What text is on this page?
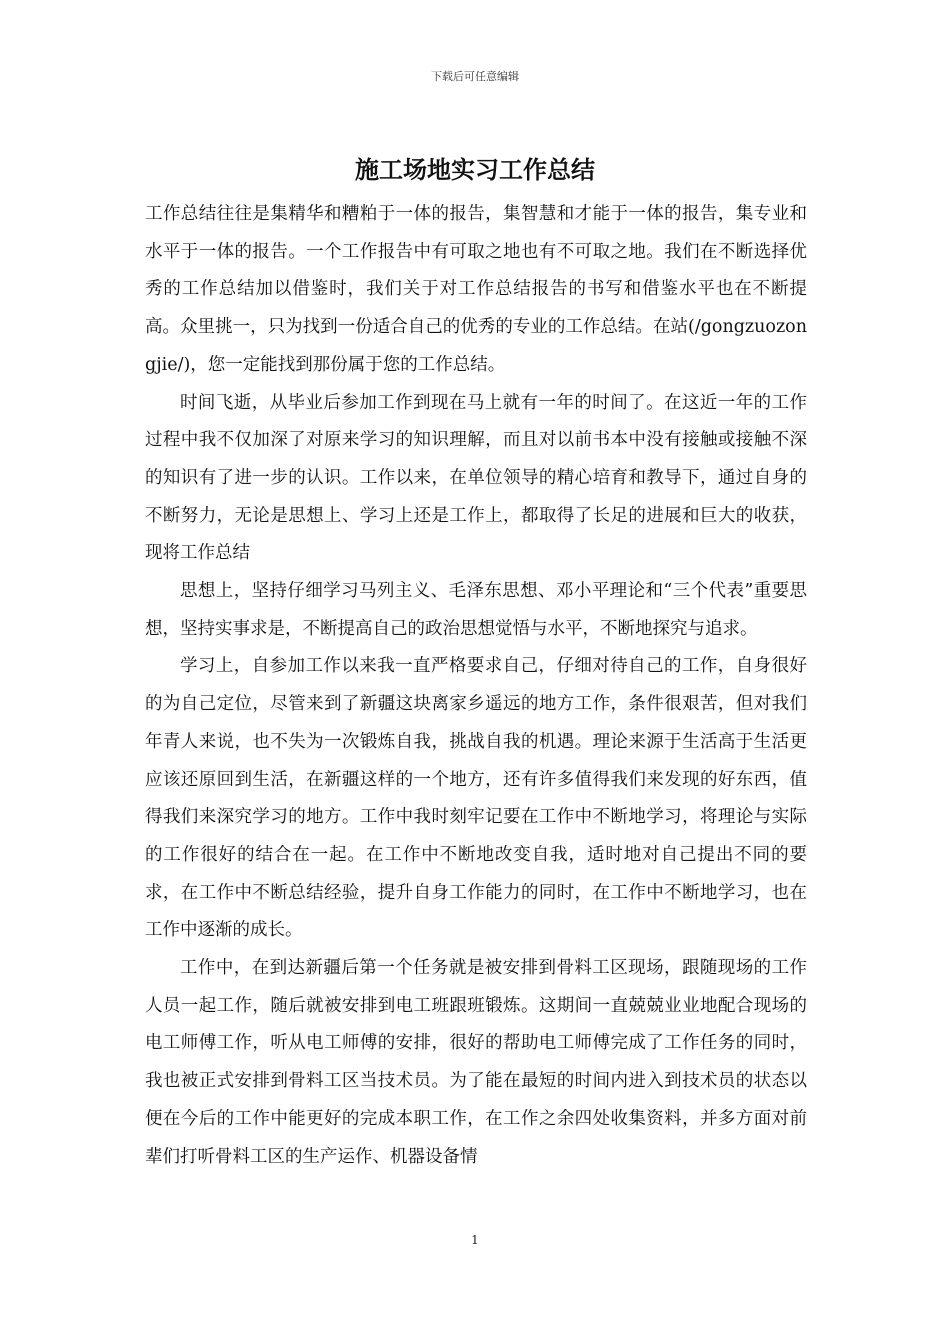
下载后可任意编辑
施工场地实习工作总结

工作总结往往是集精华和糟粕于一体的报告，集智慧和才能于一体的报告，集专业和水平于一体的报告。一个工作报告中有可取之地也有不可取之地。我们在不断选择优秀的工作总结加以借鉴时，我们关于对工作总结报告的书写和借鉴水平也在不断提高。众里挑一，只为找到一份适合自己的优秀的专业的工作总结。在站(/gongzuozongjie/)，您一定能找到那份属于您的工作总结。

时间飞逝，从毕业后参加工作到现在马上就有一年的时间了。在这近一年的工作过程中我不仅加深了对原来学习的知识理解，而且对以前书本中没有接触或接触不深的知识有了进一步的认识。工作以来，在单位领导的精心培育和教导下，通过自身的不断努力，无论是思想上、学习上还是工作上，都取得了长足的进展和巨大的收获，现将工作总结

思想上，坚持仔细学习马列主义、毛泽东思想、邓小平理论和“三个代表”重要思想，坚持实事求是，不断提高自己的政治思想觉悟与水平，不断地探究与追求。

学习上，自参加工作以来我一直严格要求自己，仔细对待自己的工作，自身很好的为自己定位，尽管来到了新疆这块离家乡遥远的地方工作，条件很艰苦，但对我们年青人来说，也不失为一次锻炼自我，挑战自我的机遇。理论来源于生活高于生活更应该还原回到生活，在新疆这样的一个地方，还有许多值得我们来发现的好东西，值得我们来深究学习的地方。工作中我时刻牢记要在工作中不断地学习，将理论与实际的工作很好的结合在一起。在工作中不断地改变自我，适时地对自己提出不同的要求，在工作中不断总结经验，提升自身工作能力的同时，在工作中不断地学习，也在工作中逐渐的成长。

工作中，在到达新疆后第一个任务就是被安排到骨料工区现场，跟随现场的工作人员一起工作，随后就被安排到电工班跟班锻炼。这期间一直兢兢业业地配合现场的电工师傅工作，听从电工师傅的安排，很好的帮助电工师傅完成了工作任务的同时，我也被正式安排到骨料工区当技术员。为了能在最短的时间内进入到技术员的状态以便在今后的工作中能更好的完成本职工作，在工作之余四处收集资料，并多方面对前辈们打听骨料工区的生产运作、机器设备情

1
